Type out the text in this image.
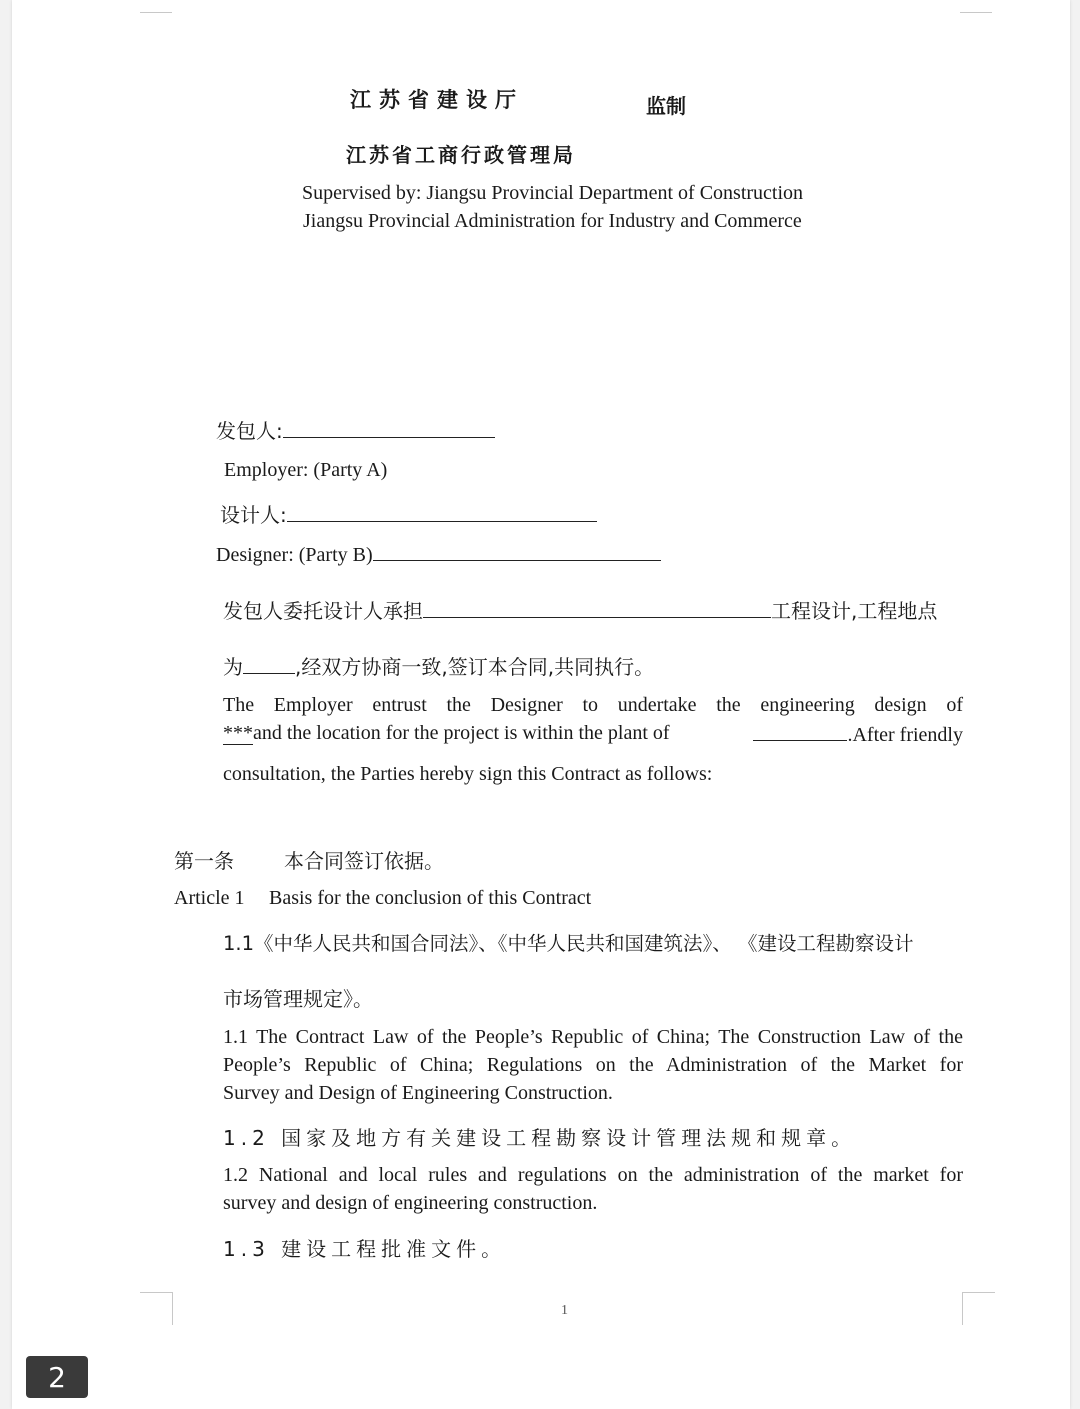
江苏省建设厅	监制
江苏省工商行政管理局
Supervised by: Jiangsu Provincial Department of Construction
Jiangsu Provincial Administration for Industry and Commerce
发包人:
Employer: (Party A)
设计人:
Designer: (Party B)
发包人委托设计人承担	工程设计,工程地点
为	,经双方协商一致,签订本合同,共同执行。
The Employer entrust the Designer to undertake the engineering design of
***and the location for the project is within the plant of	.After friendly
consultation, the Parties hereby sign this Contract as follows:
第一条	本合同签订依据。
Article 1 Basis for the conclusion of this Contract
1.1《中华人民共和国合同法》、《中华人民共和国建筑法》、 《建设工程勘察设计
市场管理规定》。
1.1 The Contract Law of the People’s Republic of China; The Construction Law of the
People’s Republic of China; Regulations on the Administration of the Market for
Survey and Design of Engineering Construction.
1.2 国家及地方有关建设工程勘察设计管理法规和规章。
1.2 National and local rules and regulations on the administration of the market for
survey and design of engineering construction.
1.3 建设工程批准文件。
1
2
